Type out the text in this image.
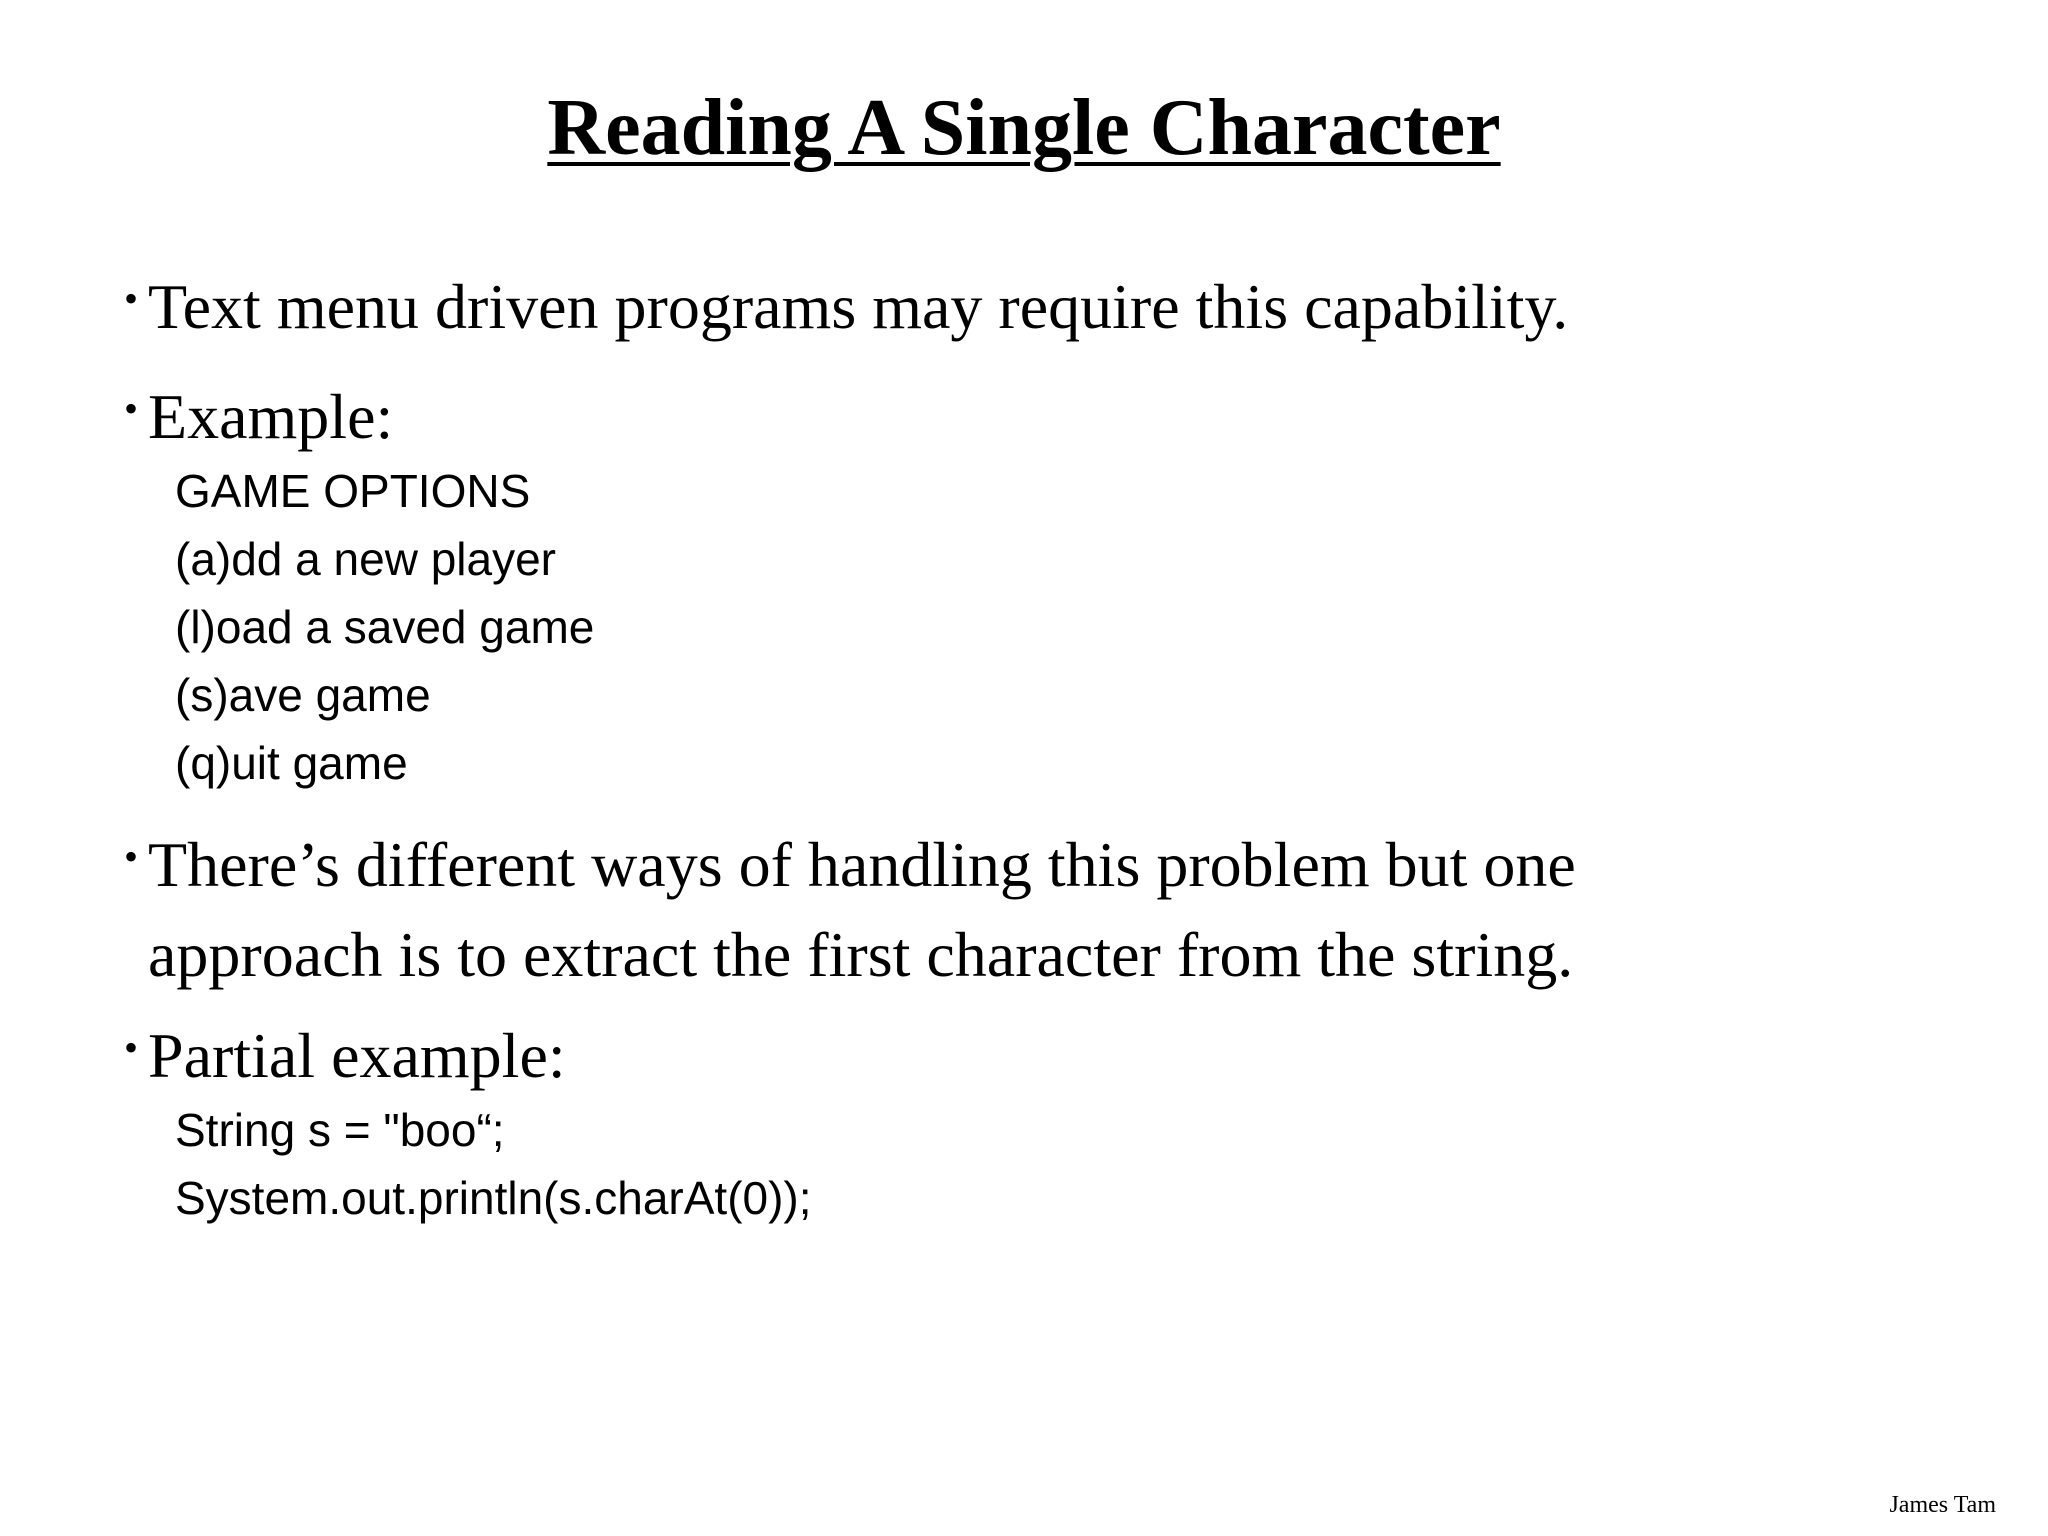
Reading A Single Character
• Text menu driven programs may require this capability.
• Example:
GAME OPTIONS
(a)dd a new player
(l)oad a saved game
(s)ave game
(q)uit game
• There’s different ways of handling this problem but one
approach is to extract the first character from the string.
• Partial example:
String s = "boo“;
System.out.println(s.charAt(0));
James Tam
